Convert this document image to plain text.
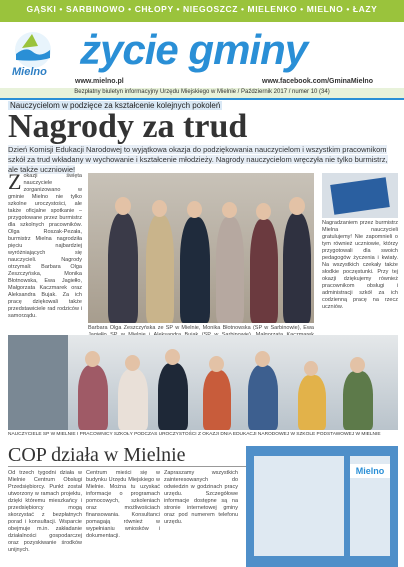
GĄSKI • SARBINOWO • CHŁOPY • NIEGOSZCZ • MIELENKO • MIELNO • ŁAZY
Mielno życie gminy
www.mielno.pl	www.facebook.com/GminaMielno
Bezpłatny biuletyn informacyjny Urzędu Miejskiego w Mielnie / Październik 2017 / numer 10 (34)
Nauczycielom w podzięce za kształcenie kolejnych pokoleń
Nagrody za trud
Dzień Komisji Edukacji Narodowej to wyjątkowa okazja do podziękowania nauczycielom i wszystkim pracownikom szkół za trud wkładany w wychowanie i kształcenie młodzieży. Nagrody nauczycielom wręczyła nie tylko burmistrz, ale także uczniowie!
Z okazji święta nauczyciele zorganizowano w gminie Mielno nie tylko szkolne uroczystości, ale także oficjalne spotkanie – przygotowane przez burmistrz dla szkolnych pracowników. Olga Roszak-Pezała, burmistrz Mielna nagrodziła pięciu najbardziej wyróżniających się nauczycieli. Nagrody otrzymali: Barbara Olga Zeszczyńska, Monika Błotnowska, Ewa Jagiełło, Małgorzata Kaczmarek oraz Aleksandra Bujak. Za ich pracę dziękowali także przedstawiciele rad rodziców i samorządu.
Barbara Olga Zeszczyńska ze SP w Mielnie, Monika Błotnowska (SP w Sarbinowie), Ewa
Nagradzaniem przez burmistrz Mielna nauczycieli gratulujemy! Nie zapomnieli o tym również uczniowie, którzy przygotowali dla swoich pedagogów życzenia i kwiaty. Na wszystkich czekały także słodkie poczęstunki. Przy tej okazji dziękujemy również pracownikom obsługi i administracji szkół za ich codzienną pracę na rzecz uczniów.
NAUCZYCIELE SP W MIELNIE I PRACOWNICY SZKOŁY PODCZAS UROCZYSTOŚCI Z OKAZJI DNIA EDUKACJI NARODOWEJ W SZKOLE PODSTAWOWEJ W MIELNIE
COP działa w Mielnie
Od trzech tygodni działa w Mielnie Centrum Obsługi Przedsiębiorcy. Punkt został utworzony w ramach projektu, dzięki któremu mieszkańcy i przedsiębiorcy mogą skorzystać z bezpłatnych porad i konsultacji. Wsparcie obejmuje m.in. zakładanie działalności gospodarczej oraz pozyskiwanie środków unijnych.
Centrum mieści się w budynku Urzędu Miejskiego w Mielnie. Można tu uzyskać informacje o programach pomocowych, szkoleniach oraz możliwościach finansowania. Konsultanci pomagają również w wypełnianiu wniosków i dokumentacji.
Zapraszamy wszystkich zainteresowanych do odwiedzin w godzinach pracy urzędu. Szczegółowe informacje dostępne są na stronie internetowej gminy oraz pod numerem telefonu urzędu.
Mielno
